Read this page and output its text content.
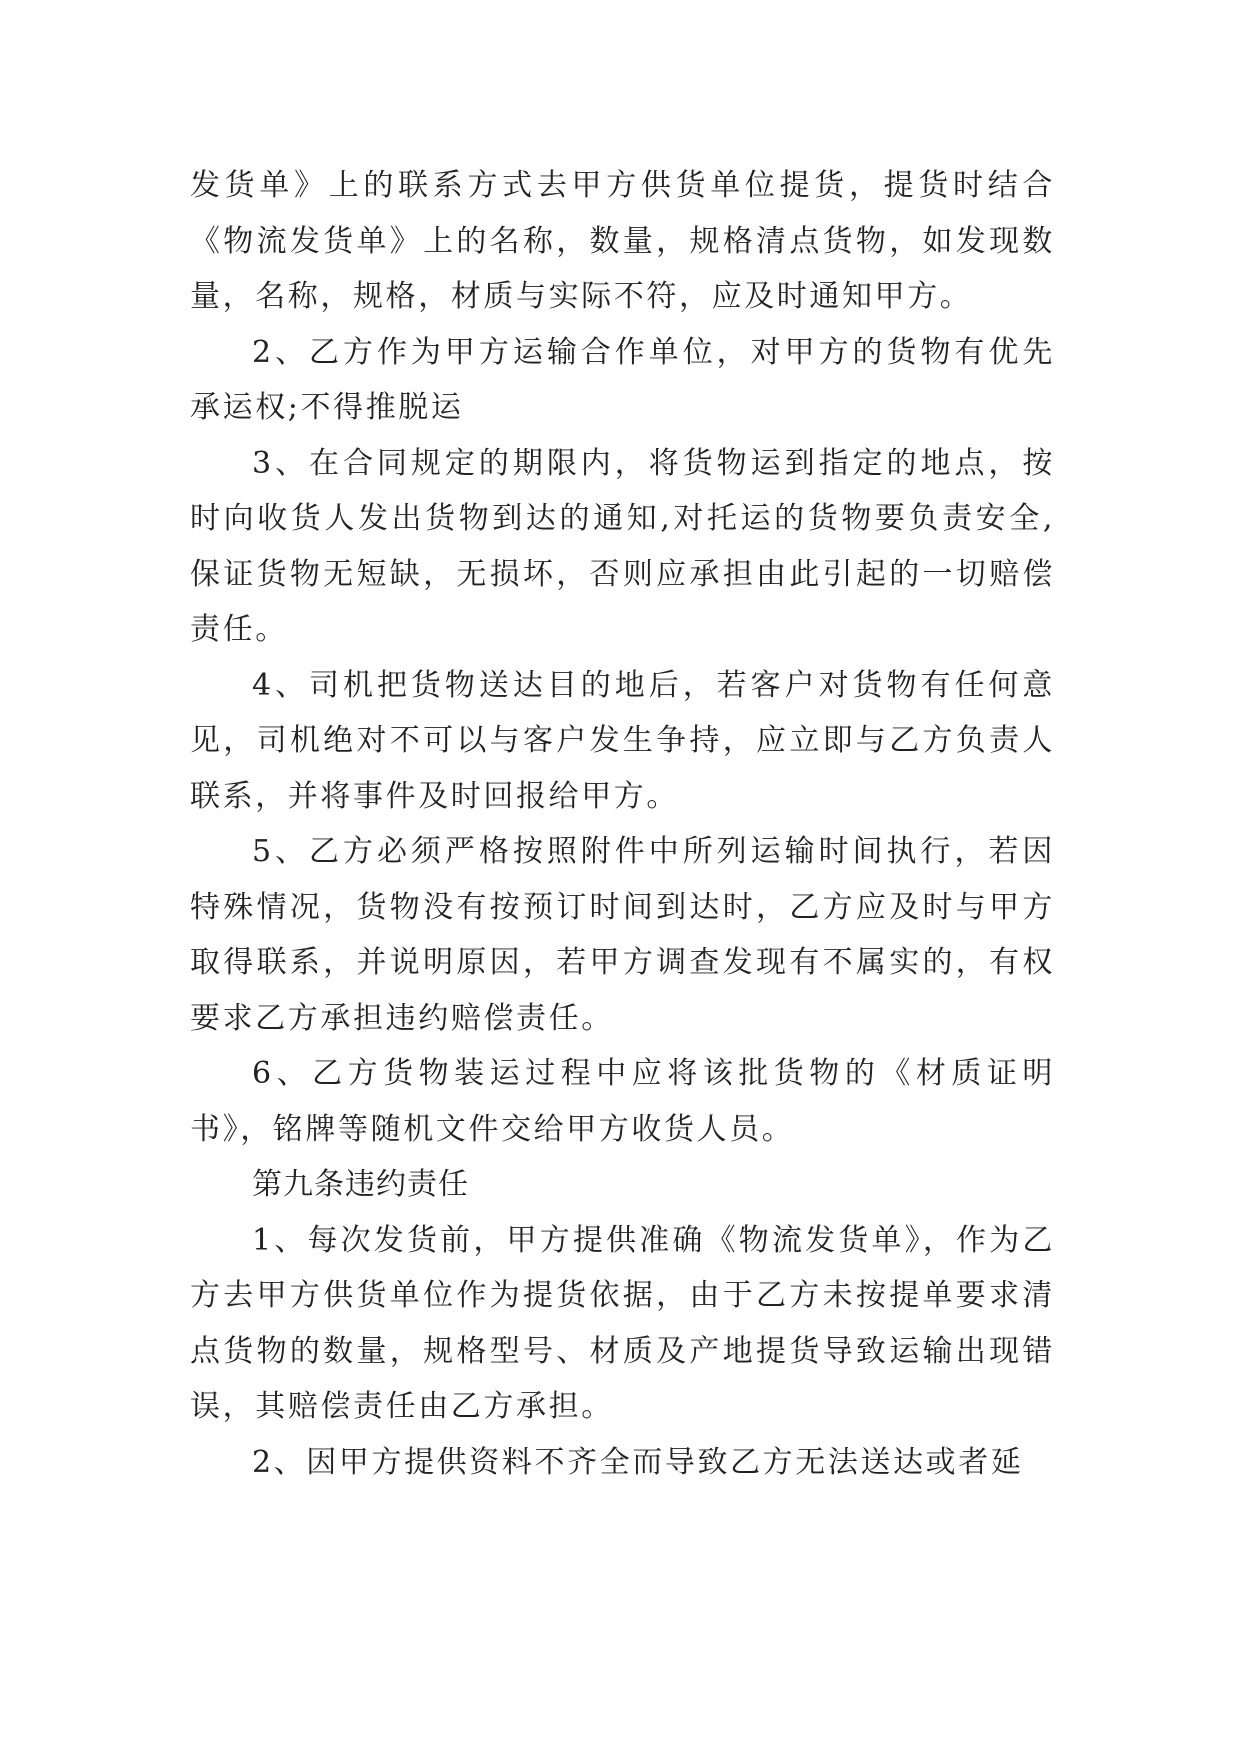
发货单》上的联系方式去甲方供货单位提货，提货时结合《物流发货单》上的名称，数量，规格清点货物，如发现数量，名称，规格，材质与实际不符，应及时通知甲方。

2、乙方作为甲方运输合作单位，对甲方的货物有优先承运权;不得推脱运

3、在合同规定的期限内，将货物运到指定的地点，按时向收货人发出货物到达的通知,对托运的货物要负责安全,保证货物无短缺，无损坏，否则应承担由此引起的一切赔偿责任。

4、司机把货物送达目的地后，若客户对货物有任何意见，司机绝对不可以与客户发生争持，应立即与乙方负责人联系，并将事件及时回报给甲方。

5、乙方必须严格按照附件中所列运输时间执行，若因特殊情况，货物没有按预订时间到达时，乙方应及时与甲方取得联系，并说明原因，若甲方调查发现有不属实的，有权要求乙方承担违约赔偿责任。

6、乙方货物装运过程中应将该批货物的《材质证明书》，铭牌等随机文件交给甲方收货人员。

第九条违约责任

1、每次发货前，甲方提供准确《物流发货单》，作为乙方去甲方供货单位作为提货依据，由于乙方未按提单要求清点货物的数量，规格型号、材质及产地提货导致运输出现错误，其赔偿责任由乙方承担。

2、因甲方提供资料不齐全而导致乙方无法送达或者延
